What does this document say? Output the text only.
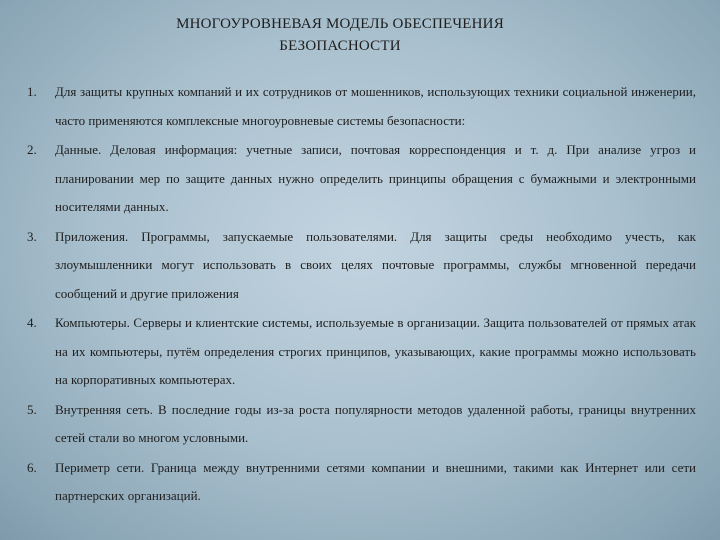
МНОГОУРОВНЕВАЯ МОДЕЛЬ ОБЕСПЕЧЕНИЯ
БЕЗОПАСНОСТИ
1. Для защиты крупных компаний и их сотрудников от мошенников, использующих техники социальной инженерии, часто применяются комплексные многоуровневые системы безопасности:
2. Данные. Деловая информация: учетные записи, почтовая корреспонденция и т. д. При анализе угроз и планировании мер по защите данных нужно определить принципы обращения с бумажными и электронными носителями данных.
3. Приложения. Программы, запускаемые пользователями. Для защиты среды необходимо учесть, как злоумышленники могут использовать в своих целях почтовые программы, службы мгновенной передачи сообщений и другие приложения
4. Компьютеры. Серверы и клиентские системы, используемые в организации. Защита пользователей от прямых атак на их компьютеры, путём определения строгих принципов, указывающих, какие программы можно использовать на корпоративных компьютерах.
5. Внутренняя сеть. В последние годы из-за роста популярности методов удаленной работы, границы внутренних сетей стали во многом условными.
6. Периметр сети. Граница между внутренними сетями компании и внешними, такими как Интернет или сети партнерских организаций.
